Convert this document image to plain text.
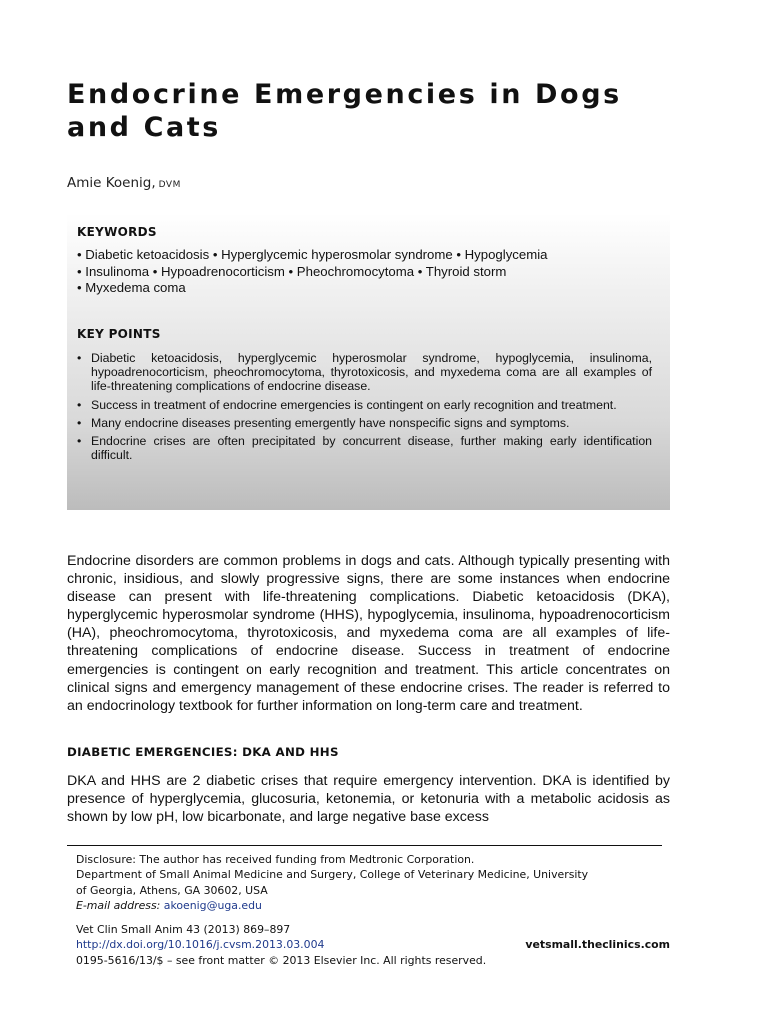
Endocrine Emergencies in Dogs and Cats
Amie Koenig, DVM
KEYWORDS
• Diabetic ketoacidosis • Hyperglycemic hyperosmolar syndrome • Hypoglycemia
• Insulinoma • Hypoadrenocorticism • Pheochromocytoma • Thyroid storm
• Myxedema coma
KEY POINTS
• Diabetic ketoacidosis, hyperglycemic hyperosmolar syndrome, hypoglycemia, insulinoma, hypoadrenocorticism, pheochromocytoma, thyrotoxicosis, and myxedema coma are all examples of life-threatening complications of endocrine disease.
• Success in treatment of endocrine emergencies is contingent on early recognition and treatment.
• Many endocrine diseases presenting emergently have nonspecific signs and symptoms.
• Endocrine crises are often precipitated by concurrent disease, further making early identification difficult.

Endocrine disorders are common problems in dogs and cats. Although typically presenting with chronic, insidious, and slowly progressive signs, there are some instances when endocrine disease can present with life-threatening complications. Diabetic ketoacidosis (DKA), hyperglycemic hyperosmolar syndrome (HHS), hypoglycemia, insulinoma, hypoadrenocorticism (HA), pheochromocytoma, thyrotoxicosis, and myxedema coma are all examples of life-threatening complications of endocrine disease. Success in treatment of endocrine emergencies is contingent on early recognition and treatment. This article concentrates on clinical signs and emergency management of these endocrine crises. The reader is referred to an endocrinology textbook for further information on long-term care and treatment.

DIABETIC EMERGENCIES: DKA AND HHS

DKA and HHS are 2 diabetic crises that require emergency intervention. DKA is identified by presence of hyperglycemia, glucosuria, ketonemia, or ketonuria with a metabolic acidosis as shown by low pH, low bicarbonate, and large negative base excess

Disclosure: The author has received funding from Medtronic Corporation.
Department of Small Animal Medicine and Surgery, College of Veterinary Medicine, University
of Georgia, Athens, GA 30602, USA
E-mail address: akoenig@uga.edu
Vet Clin Small Anim 43 (2013) 869–897
http://dx.doi.org/10.1016/j.cvsm.2013.03.004	vetsmall.theclinics.com
0195-5616/13/$ – see front matter © 2013 Elsevier Inc. All rights reserved.
